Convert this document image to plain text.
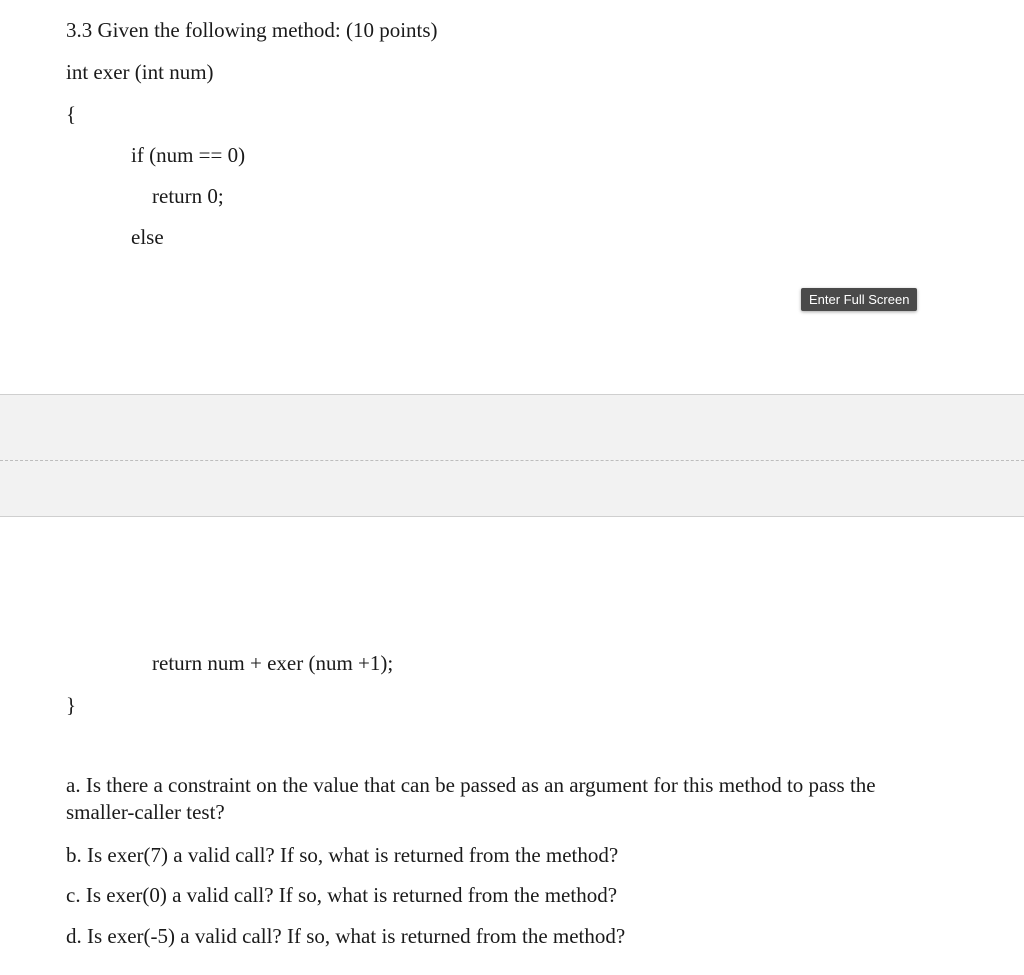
3.3 Given the following method: (10 points)
int exer (int num)
{
if (num == 0)
return 0;
else
Enter Full Screen
return num + exer (num +1);
}
a. Is there a constraint on the value that can be passed as an argument for this method to pass the smaller-caller test?
b. Is exer(7) a valid call? If so, what is returned from the method?
c. Is exer(0) a valid call? If so, what is returned from the method?
d. Is exer(-5) a valid call? If so, what is returned from the method?
